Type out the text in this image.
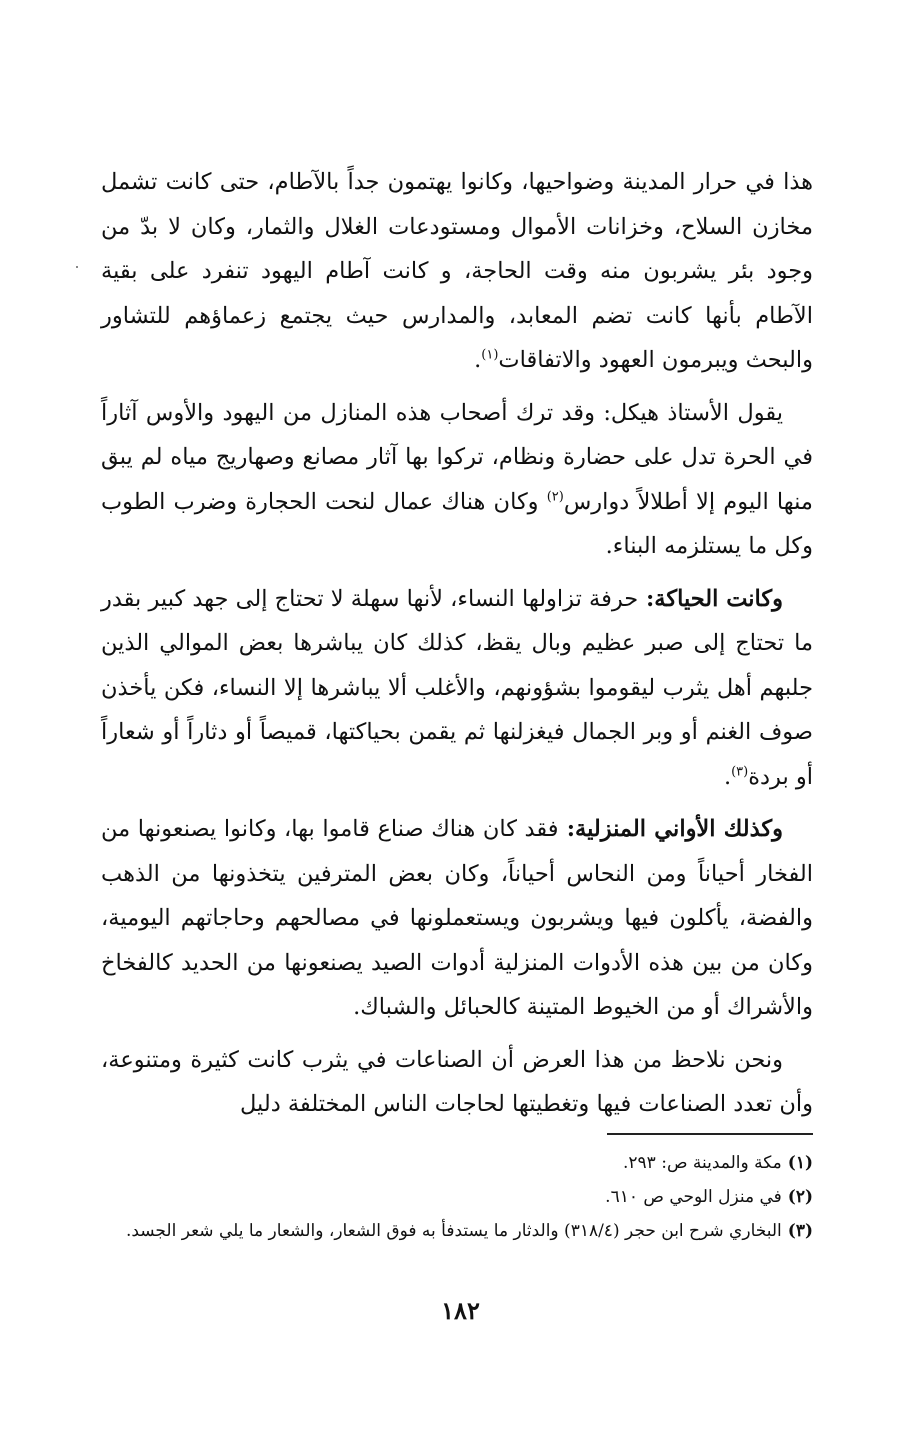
هذا في حرار المدينة وضواحيها، وكانوا يهتمون جداً بالآطام، حتى كانت تشمل مخازن السلاح، وخزانات الأموال ومستودعات الغلال والثمار، وكان لا بدّ من وجود بئر يشربون منه وقت الحاجة، و كانت آطام اليهود تنفرد على بقية الآطام بأنها كانت تضم المعابد، والمدارس حيث يجتمع زعماؤهم للتشاور والبحث ويبرمون العهود والاتفاقات$^{(١)}$.

يقول الأستاذ هيكل: وقد ترك أصحاب هذه المنازل من اليهود والأوس آثاراً في الحرة تدل على حضارة ونظام، تركوا بها آثار مصانع وصهاريج مياه لم يبق منها اليوم إلا أطلالاً دوارس$^{(٢)}$ وكان هناك عمال لنحت الحجارة وضرب الطوب وكل ما يستلزمه البناء.

وكانت الحياكة: حرفة تزاولها النساء، لأنها سهلة لا تحتاج إلى جهد كبير بقدر ما تحتاج إلى صبر عظيم وبال يقظ، كذلك كان يباشرها بعض الموالي الذين جلبهم أهل يثرب ليقوموا بشؤونهم، والأغلب ألا يباشرها إلا النساء، فكن يأخذن صوف الغنم أو وبر الجمال فيغزلنها ثم يقمن بحياكتها، قميصاً أو دثاراً أو شعاراً أو بردة$^{(٣)}$.

وكذلك الأواني المنزلية: فقد كان هناك صناع قاموا بها، وكانوا يصنعونها من الفخار أحياناً ومن النحاس أحياناً، وكان بعض المترفين يتخذونها من الذهب والفضة، يأكلون فيها ويشربون ويستعملونها في مصالحهم وحاجاتهم اليومية، وكان من بين هذه الأدوات المنزلية أدوات الصيد يصنعونها من الحديد كالفخاخ والأشراك أو من الخيوط المتينة كالحبائل والشباك.

ونحن نلاحظ من هذا العرض أن الصناعات في يثرب كانت كثيرة ومتنوعة، وأن تعدد الصناعات فيها وتغطيتها لحاجات الناس المختلفة دليل

(١)مكة والمدينة ص: ٢٩٣.

(٢)في منزل الوحي ص ٦١٠.

(٣)البخاري شرح ابن حجر (٣١٨/٤) والدثار ما يستدفأ به فوق الشعار، والشعار ما يلي شعر الجسد.

١٨٢
